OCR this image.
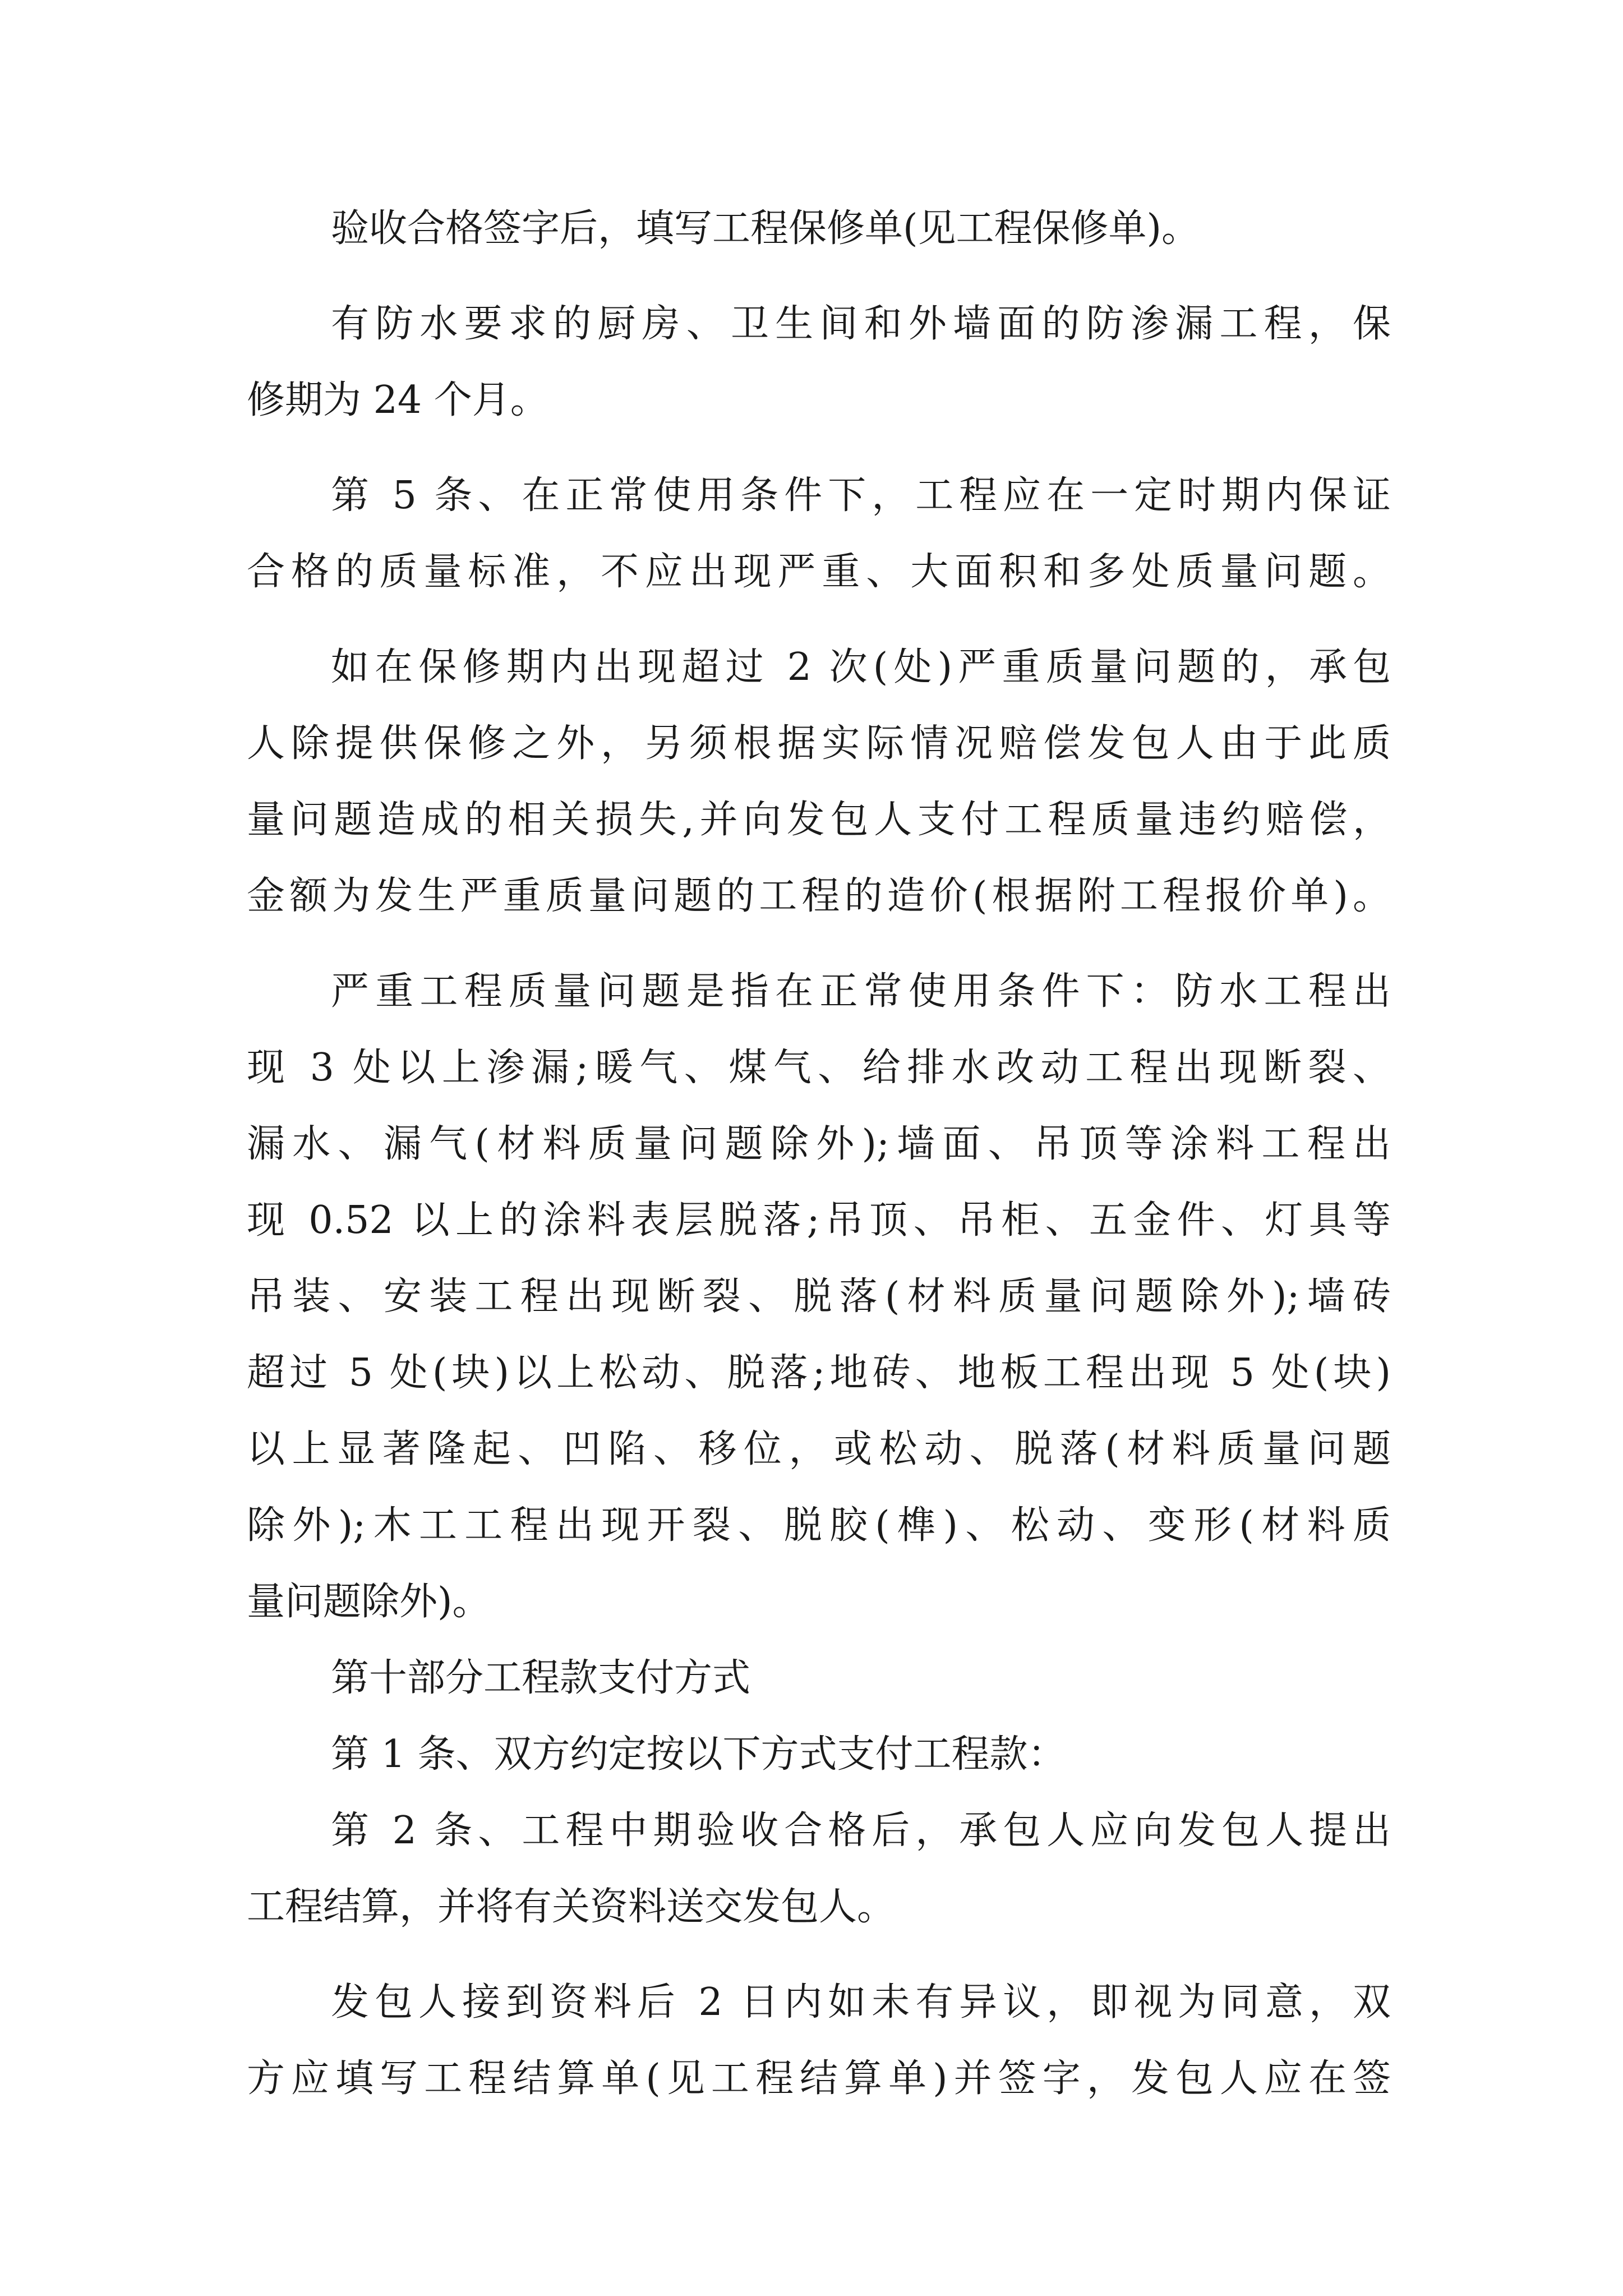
验收合格签字后，填写工程保修单(见工程保修单)。
有防水要求的厨房、卫生间和外墙面的防渗漏工程，保
修期为 24 个月。
第 5 条、在正常使用条件下，工程应在一定时期内保证
合格的质量标准，不应出现严重、大面积和多处质量问题。
如在保修期内出现超过 2 次(处)严重质量问题的，承包
人除提供保修之外，另须根据实际情况赔偿发包人由于此质
量问题造成的相关损失,并向发包人支付工程质量违约赔偿，
金额为发生严重质量问题的工程的造价(根据附工程报价单)。
严重工程质量问题是指在正常使用条件下：防水工程出
现 3 处以上渗漏;暖气、煤气、给排水改动工程出现断裂、
漏水、漏气(材料质量问题除外);墙面、吊顶等涂料工程出
现 0.52 以上的涂料表层脱落;吊顶、吊柜、五金件、灯具等
吊装、安装工程出现断裂、脱落(材料质量问题除外);墙砖
超过 5 处(块)以上松动、脱落;地砖、地板工程出现 5 处(块)
以上显著隆起、凹陷、移位，或松动、脱落(材料质量问题
除外);木工工程出现开裂、脱胶(榫)、松动、变形(材料质
量问题除外)。
第十部分工程款支付方式
第 1 条、双方约定按以下方式支付工程款：
第 2 条、工程中期验收合格后，承包人应向发包人提出
工程结算，并将有关资料送交发包人。
发包人接到资料后 2 日内如未有异议，即视为同意，双
方应填写工程结算单(见工程结算单)并签字，发包人应在签
